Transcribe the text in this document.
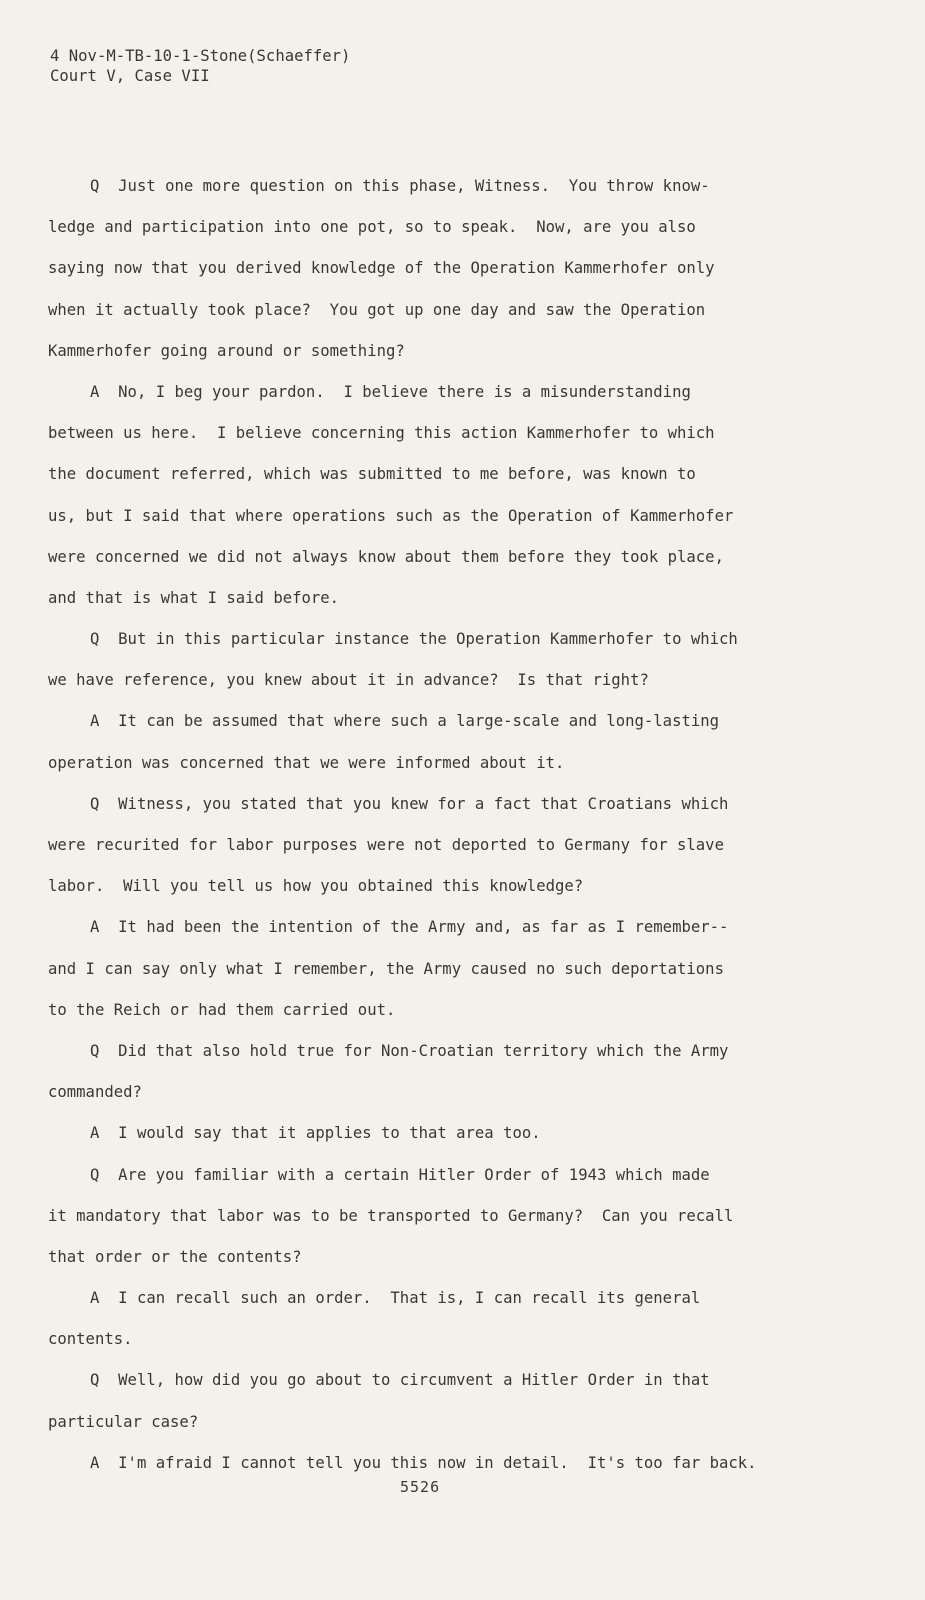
4 Nov-M-TB-10-1-Stone(Schaeffer)
Court V, Case VII
Q  Just one more question on this phase, Witness.  You throw know-
ledge and participation into one pot, so to speak.  Now, are you also
saying now that you derived knowledge of the Operation Kammerhofer only
when it actually took place?  You got up one day and saw the Operation
Kammerhofer going around or something?
A  No, I beg your pardon.  I believe there is a misunderstanding
between us here.  I believe concerning this action Kammerhofer to which
the document referred, which was submitted to me before, was known to
us, but I said that where operations such as the Operation of Kammerhofer
were concerned we did not always know about them before they took place,
and that is what I said before.
Q  But in this particular instance the Operation Kammerhofer to which
we have reference, you knew about it in advance?  Is that right?
A  It can be assumed that where such a large-scale and long-lasting
operation was concerned that we were informed about it.
Q  Witness, you stated that you knew for a fact that Croatians which
were recurited for labor purposes were not deported to Germany for slave
labor.  Will you tell us how you obtained this knowledge?
A  It had been the intention of the Army and, as far as I remember--
and I can say only what I remember, the Army caused no such deportations
to the Reich or had them carried out.
Q  Did that also hold true for Non-Croatian territory which the Army
commanded?
A  I would say that it applies to that area too.
Q  Are you familiar with a certain Hitler Order of 1943 which made
it mandatory that labor was to be transported to Germany?  Can you recall
that order or the contents?
A  I can recall such an order.  That is, I can recall its general
contents.
Q  Well, how did you go about to circumvent a Hitler Order in that
particular case?
A  I'm afraid I cannot tell you this now in detail.  It's too far back.
5526
